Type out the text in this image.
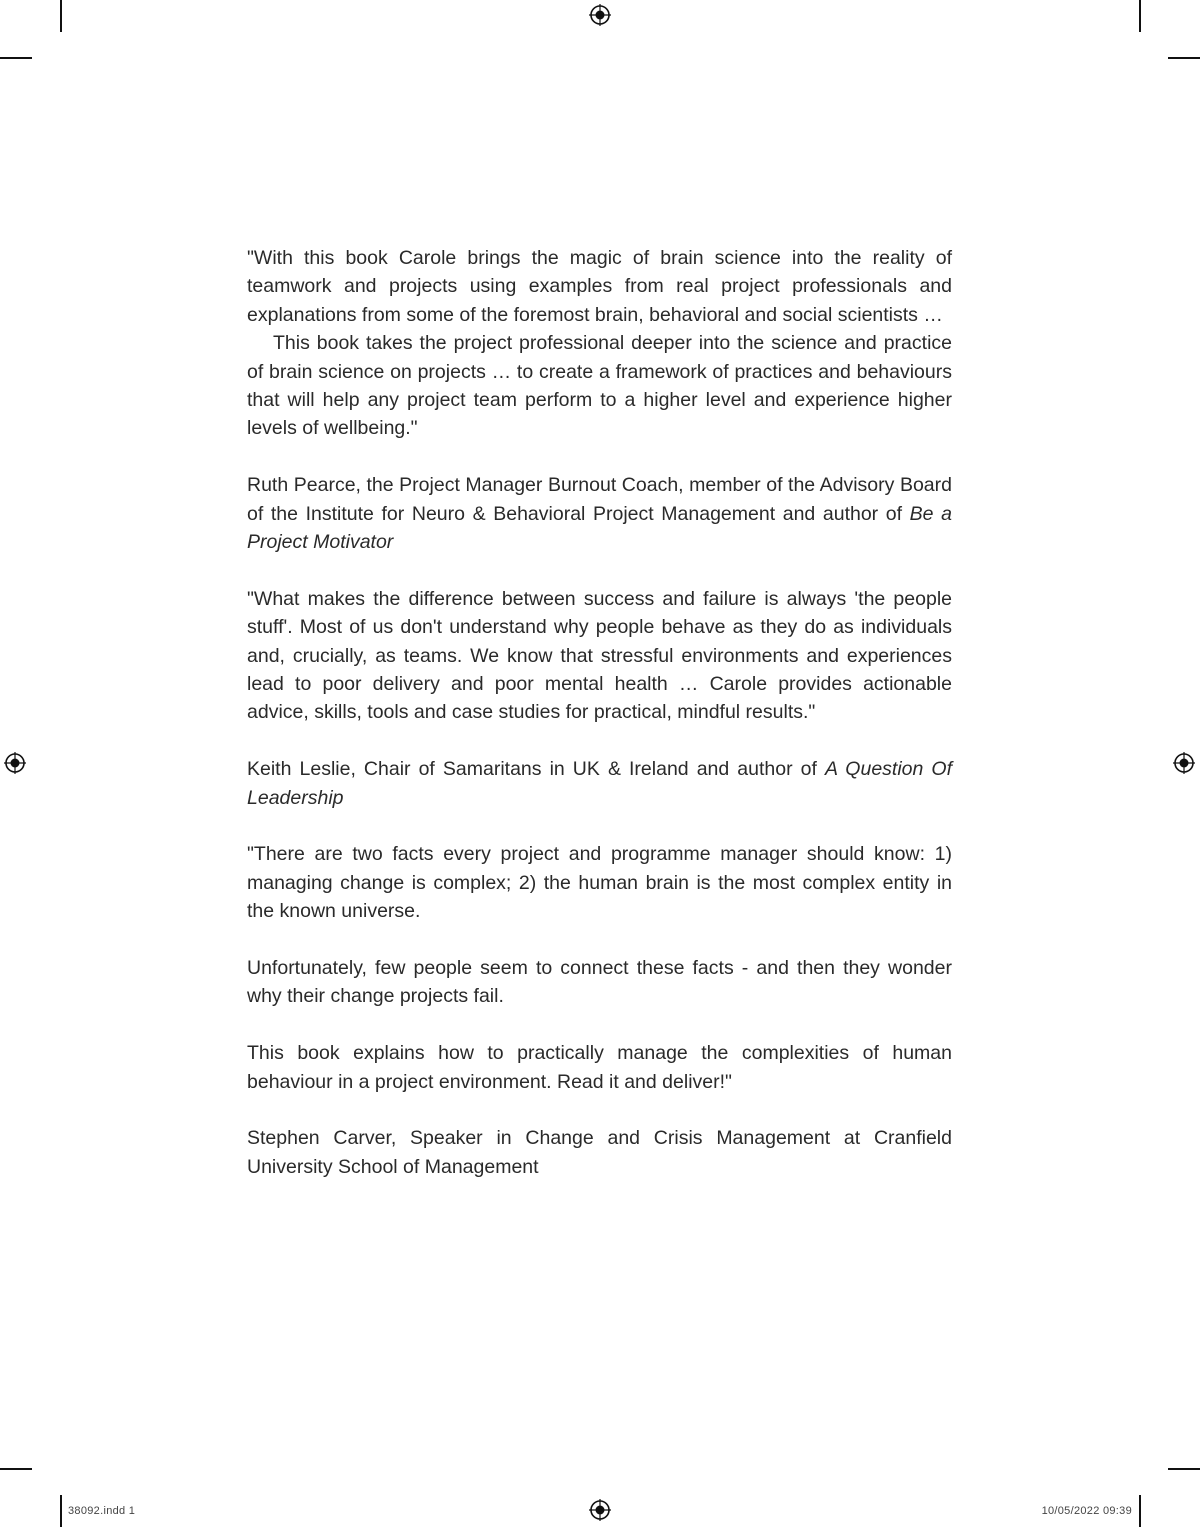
"With this book Carole brings the magic of brain science into the reality of teamwork and projects using examples from real project professionals and explanations from some of the foremost brain, behavioral and social scientists …

This book takes the project professional deeper into the science and practice of brain science on projects … to create a framework of practices and behaviours that will help any project team perform to a higher level and experience higher levels of wellbeing."

Ruth Pearce, the Project Manager Burnout Coach, member of the Advisory Board of the Institute for Neuro & Behavioral Project Management and author of Be a Project Motivator

"What makes the difference between success and failure is always 'the people stuff'. Most of us don't understand why people behave as they do as individuals and, crucially, as teams. We know that stressful environments and experiences lead to poor delivery and poor mental health … Carole provides actionable advice, skills, tools and case studies for practical, mindful results."

Keith Leslie, Chair of Samaritans in UK & Ireland and author of A Question Of Leadership

"There are two facts every project and programme manager should know: 1) managing change is complex; 2) the human brain is the most complex entity in the known universe.

Unfortunately, few people seem to connect these facts - and then they wonder why their change projects fail.

This book explains how to practically manage the complexities of human behaviour in a project environment. Read it and deliver!"

Stephen Carver, Speaker in Change and Crisis Management at Cranfield University School of Management

38092.indd 1	10/05/2022 09:39
